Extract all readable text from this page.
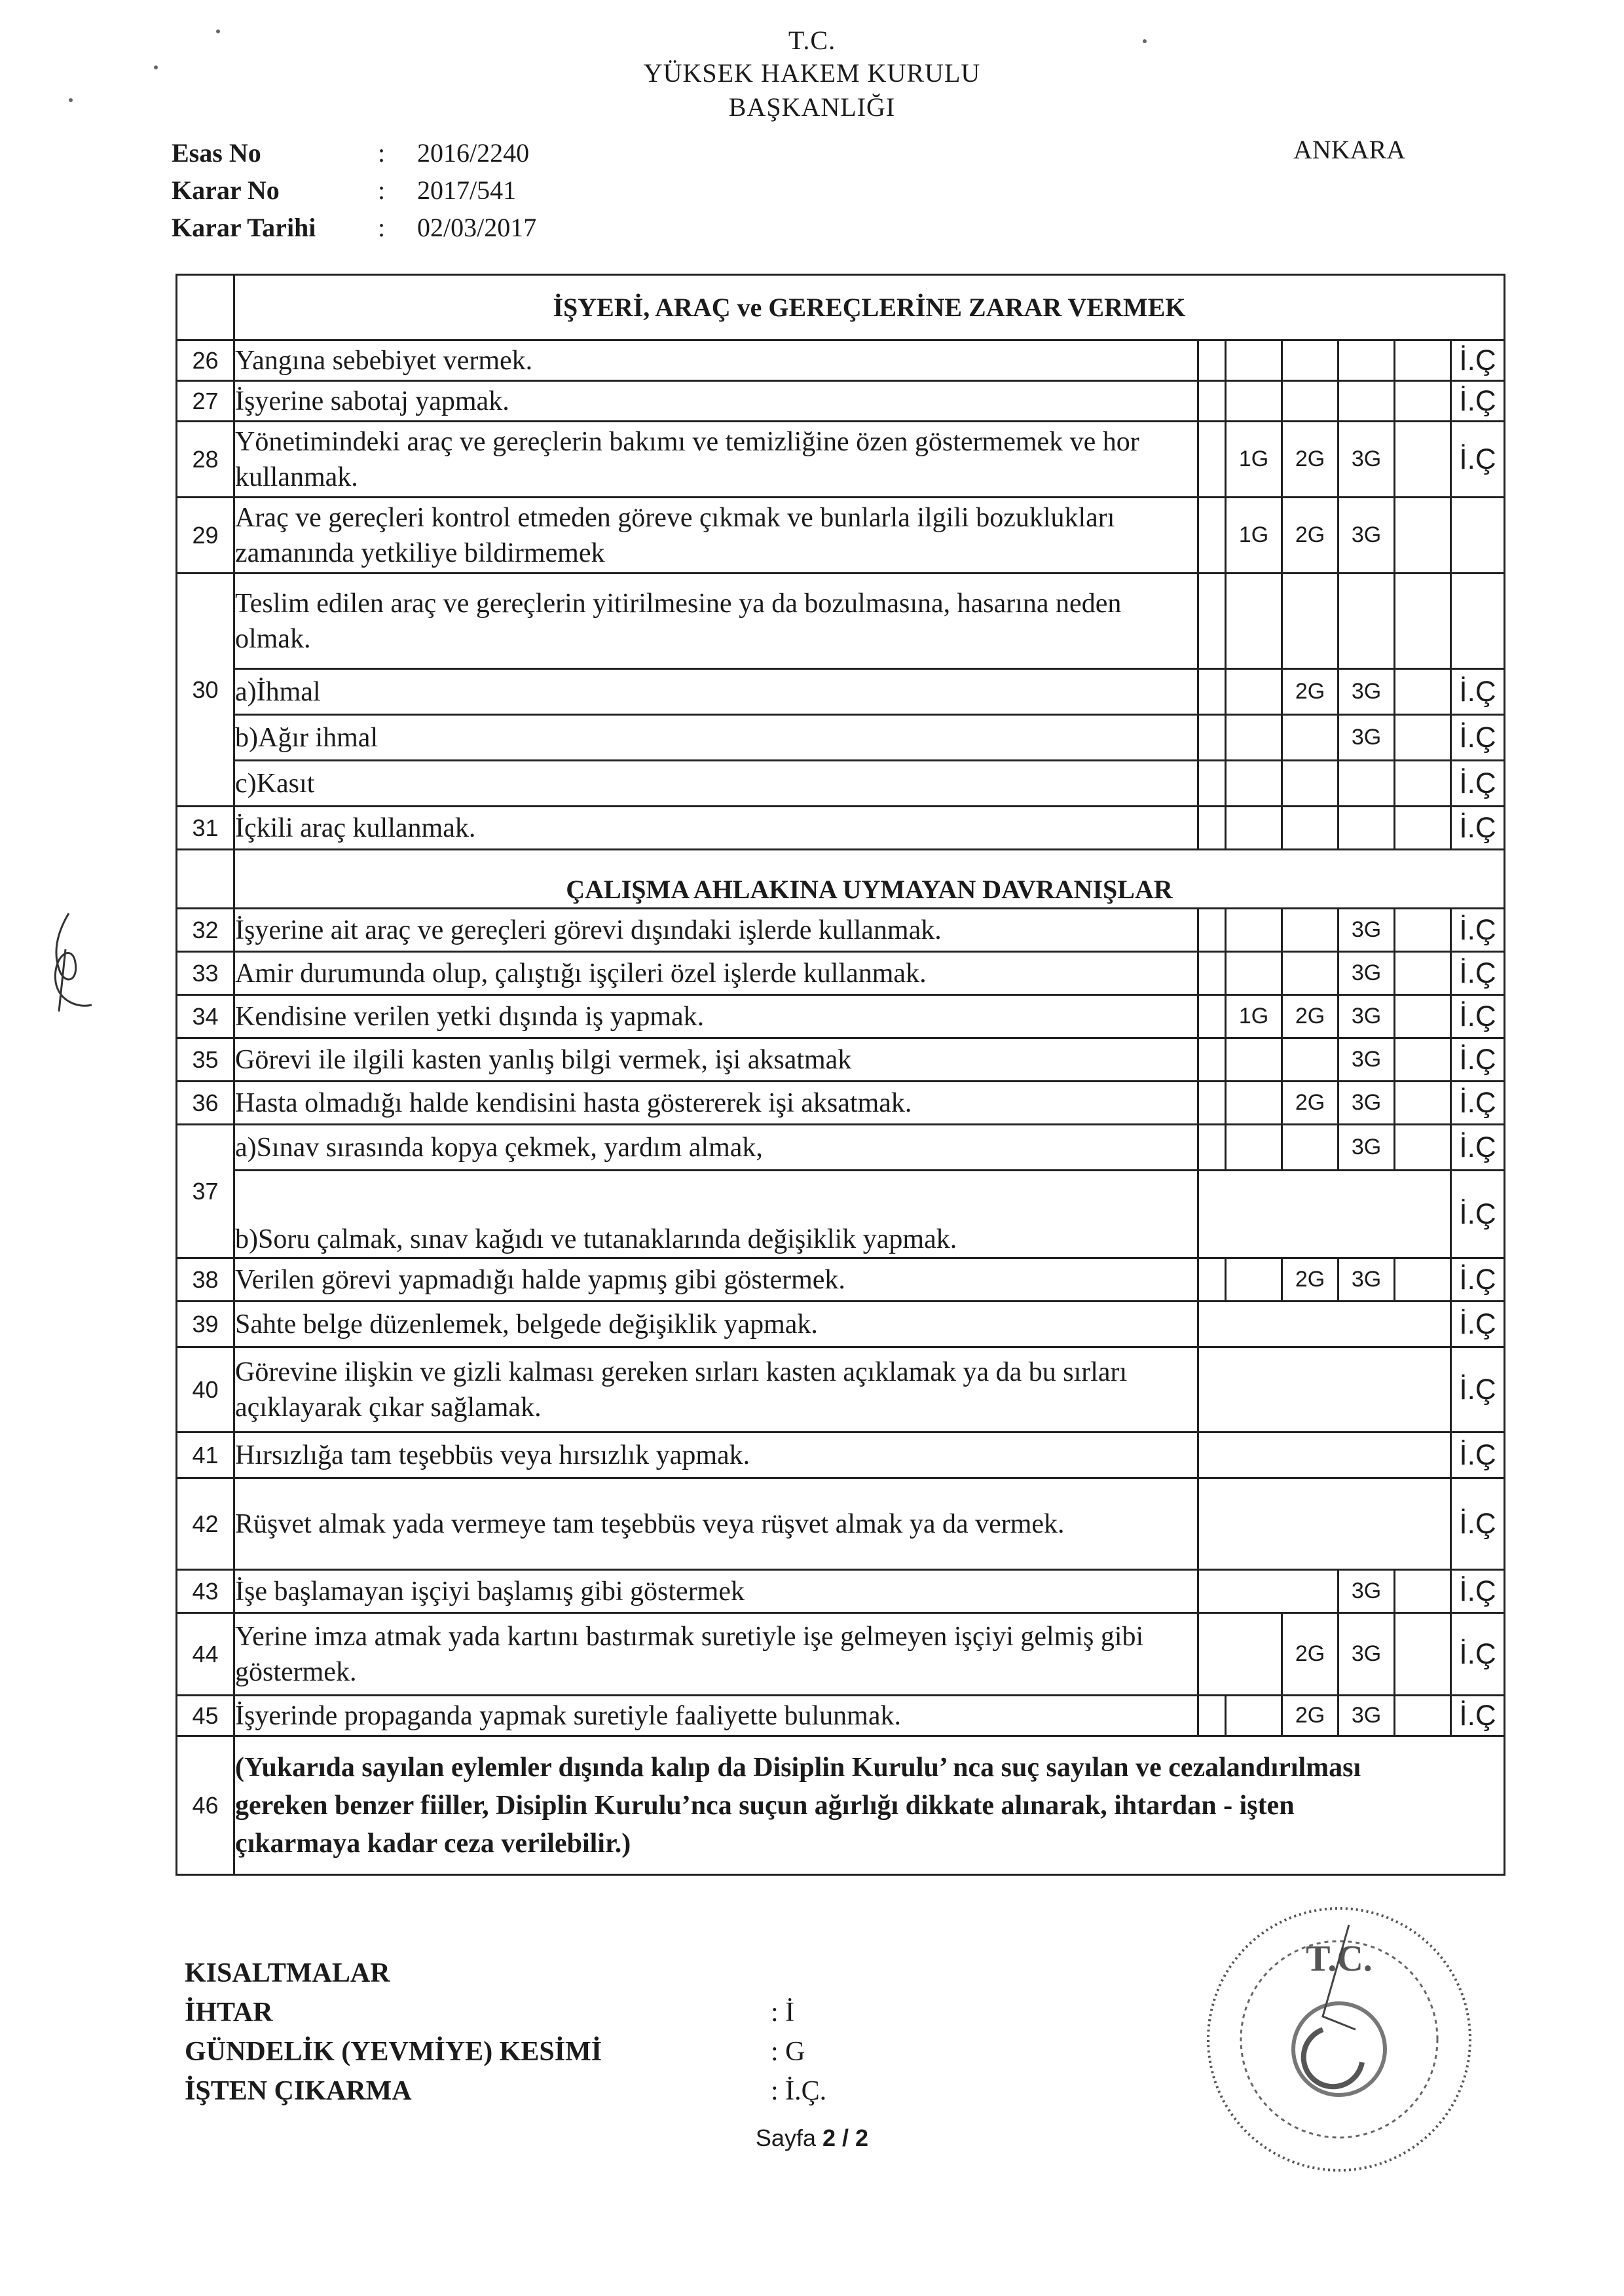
T.C.
YÜKSEK HAKEM KURULU
BAŞKANLIĞI
ANKARA
Esas No	: 2016/2240
Karar No	: 2017/541
Karar Tarihi : 02/03/2017
	İŞYERİ, ARAÇ ve GEREÇLERİNE ZARAR VERMEK						
26	Yangına sebebiyet vermek.						İ.Ç
27	İşyerine sabotaj yapmak.						İ.Ç
28	Yönetimindeki araç ve gereçlerin bakımı ve temizliğine özen göstermemek ve hor kullanmak.		1G	2G	3G		İ.Ç
29	Araç ve gereçleri kontrol etmeden göreve çıkmak ve bunlarla ilgili bozuklukları zamanında yetkiliye bildirmemek		1G	2G	3G		
30	Teslim edilen araç ve gereçlerin yitirilmesine ya da bozulmasına, hasarına neden olmak.						
	a)İhmal			2G	3G		İ.Ç
	b)Ağır ihmal				3G		İ.Ç
	c)Kasıt						İ.Ç
31	İçkili araç kullanmak.						İ.Ç
	ÇALIŞMA AHLAKINA UYMAYAN DAVRANIŞLAR						
32	İşyerine ait araç ve gereçleri görevi dışındaki işlerde kullanmak.				3G		İ.Ç
33	Amir durumunda olup, çalıştığı işçileri özel işlerde kullanmak.				3G		İ.Ç
34	Kendisine verilen yetki dışında iş yapmak.		1G	2G	3G		İ.Ç
35	Görevi ile ilgili kasten yanlış bilgi vermek, işi aksatmak				3G		İ.Ç
36	Hasta olmadığı halde kendisini hasta göstererek işi aksatmak.			2G	3G		İ.Ç
37	a)Sınav sırasında kopya çekmek, yardım almak,				3G		İ.Ç
	b)Soru çalmak, sınav kağıdı ve tutanaklarında değişiklik yapmak.						İ.Ç
38	Verilen görevi yapmadığı halde yapmış gibi göstermek.			2G	3G		İ.Ç
39	Sahte belge düzenlemek, belgede değişiklik yapmak.						İ.Ç
40	Görevine ilişkin ve gizli kalması gereken sırları kasten açıklamak ya da bu sırları açıklayarak çıkar sağlamak.						İ.Ç
41	Hırsızlığa tam teşebbüs veya hırsızlık yapmak.						İ.Ç
42	Rüşvet almak yada vermeye tam teşebbüs veya rüşvet almak ya da vermek.						İ.Ç
43	İşe başlamayan işçiyi başlamış gibi göstermek				3G		İ.Ç
44	Yerine imza atmak yada kartını bastırmak suretiyle işe gelmeyen işçiyi gelmiş gibi göstermek.			2G	3G		İ.Ç
45	İşyerinde propaganda yapmak suretiyle faaliyette bulunmak.			2G	3G		İ.Ç
46	(Yukarıda sayılan eylemler dışında kalıp da Disiplin Kurulu’ nca suç sayılan ve cezalandırılması gereken benzer fiiller, Disiplin Kurulu’nca suçun ağırlığı dikkate alınarak, ihtardan - işten çıkarmaya kadar ceza verilebilir.)						
KISALTMALAR
İHTAR	: İ
GÜNDELİK (YEVMİYE) KESİMİ	: G
İŞTEN ÇIKARMA	: İ.Ç.
Sayfa 2 / 2
T.C.
